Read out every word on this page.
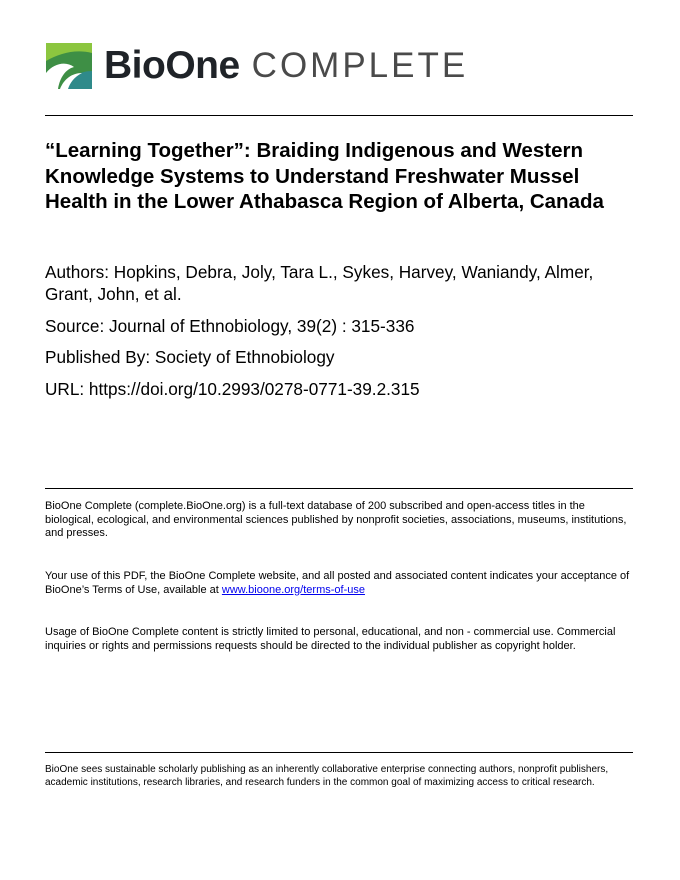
BioOne COMPLETE
“Learning Together”: Braiding Indigenous and Western Knowledge Systems to Understand Freshwater Mussel Health in the Lower Athabasca Region of Alberta, Canada

Authors: Hopkins, Debra, Joly, Tara L., Sykes, Harvey, Waniandy, Almer, Grant, John, et al.

Source: Journal of Ethnobiology, 39(2) : 315-336

Published By: Society of Ethnobiology

URL: https://doi.org/10.2993/0278-0771-39.2.315

BioOne Complete (complete.BioOne.org) is a full-text database of 200 subscribed and open-access titles in the biological, ecological, and environmental sciences published by nonprofit societies, associations, museums, institutions, and presses.

Your use of this PDF, the BioOne Complete website, and all posted and associated content indicates your acceptance of BioOne’s Terms of Use, available at www.bioone.org/terms-of-use

Usage of BioOne Complete content is strictly limited to personal, educational, and non - commercial use. Commercial inquiries or rights and permissions requests should be directed to the individual publisher as copyright holder.

BioOne sees sustainable scholarly publishing as an inherently collaborative enterprise connecting authors, nonprofit publishers, academic institutions, research libraries, and research funders in the common goal of maximizing access to critical research.
